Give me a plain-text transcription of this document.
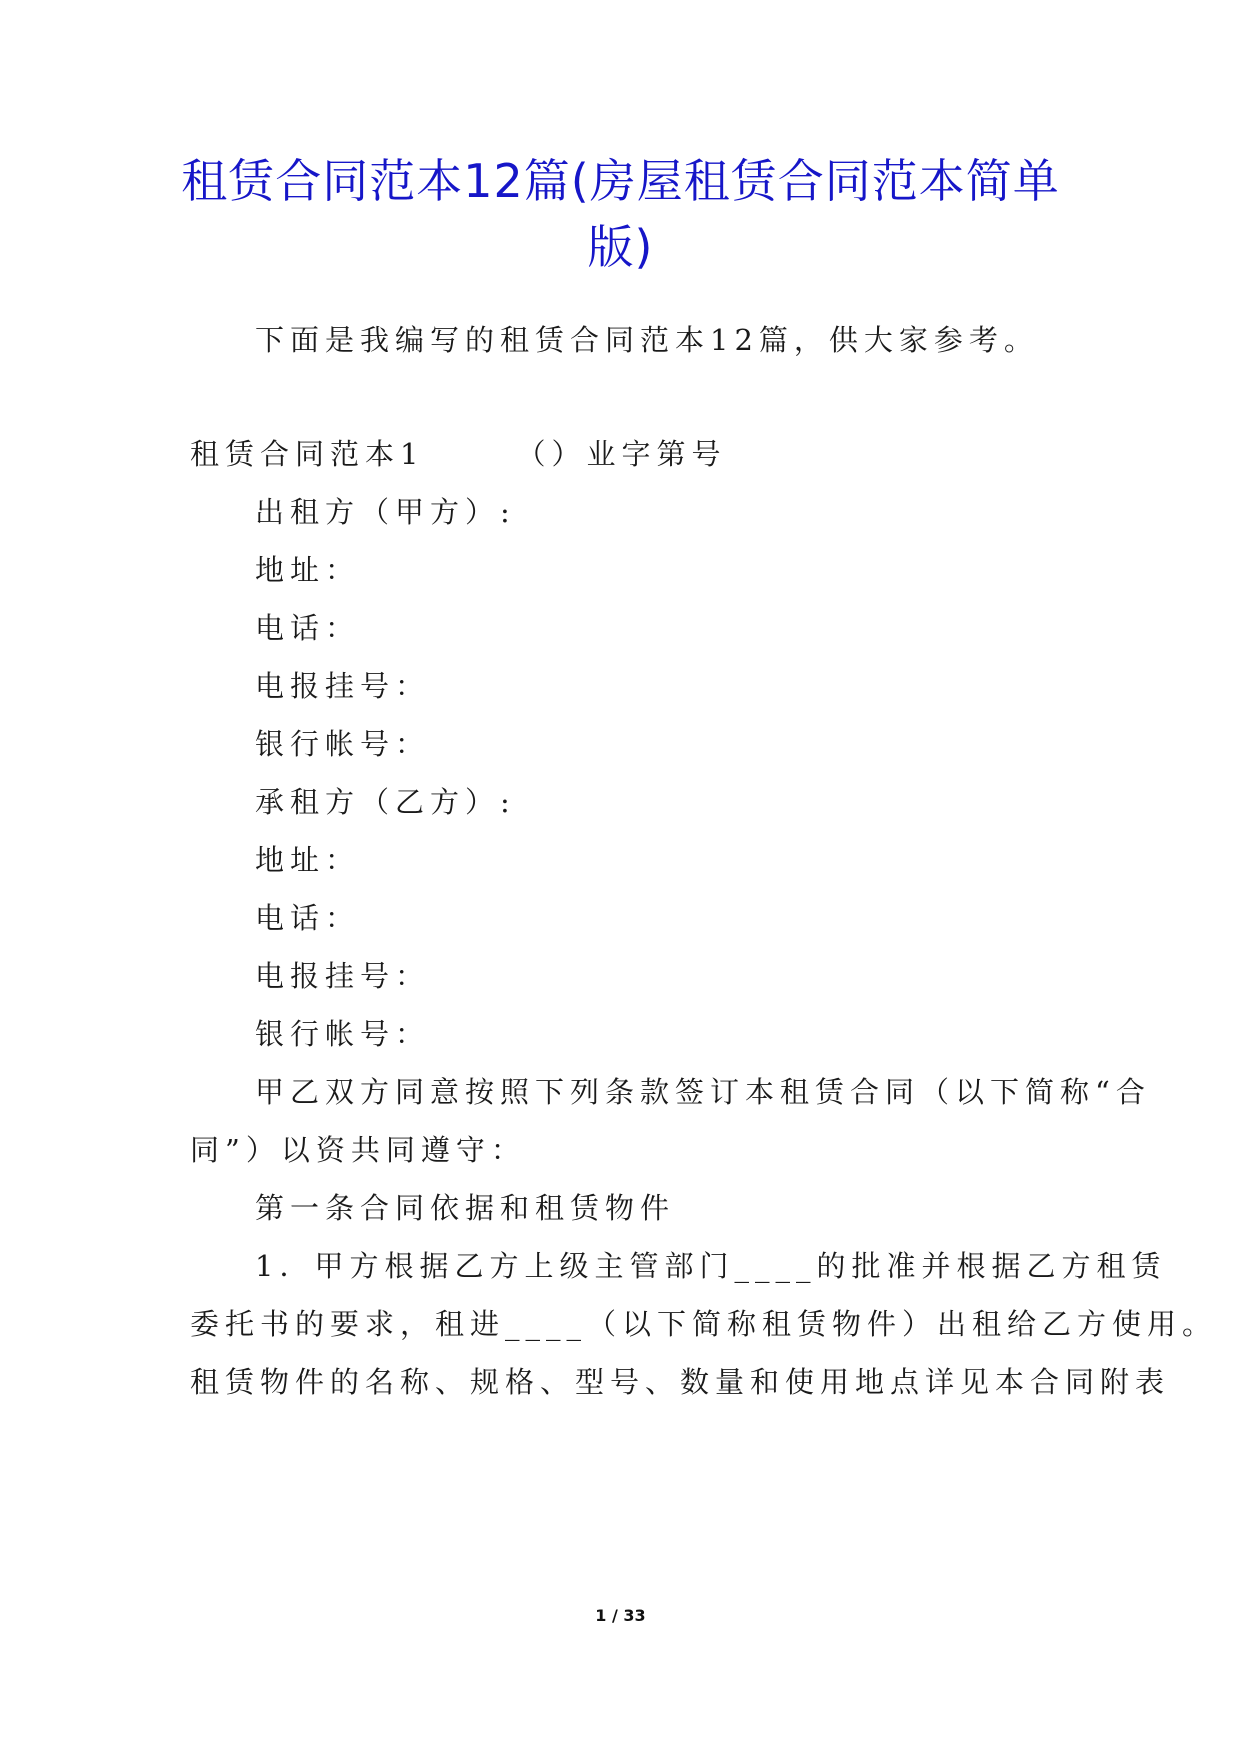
租赁合同范本12篇(房屋租赁合同范本简单
版)
下面是我编写的租赁合同范本12篇，供大家参考。
租赁合同范本1	（）业字第号
出租方（甲方）:
地址：
电话：
电报挂号：
银行帐号：
承租方（乙方）:
地址：
电话：
电报挂号：
银行帐号：
甲乙双方同意按照下列条款签订本租赁合同（以下简称“合
同”）以资共同遵守：
第一条合同依据和租赁物件
1．甲方根据乙方上级主管部门____的批准并根据乙方租赁
委托书的要求，租进____（以下简称租赁物件）出租给乙方使用。
租赁物件的名称、规格、型号、数量和使用地点详见本合同附表
1 / 33
